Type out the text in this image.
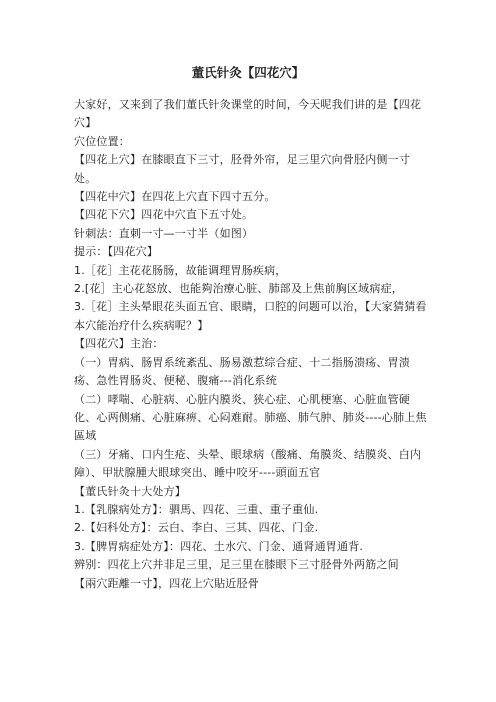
董氏针灸【四花穴】

大家好，又来到了我们董氏针灸课堂的时间，今天呢我们讲的是【四花穴】

穴位位置：

【四花上穴】在膝眼直下三寸，胫骨外帘，足三里穴向骨胫内侧一寸处。

【四花中穴】在四花上穴直下四寸五分。

【四花下穴】四花中穴直下五寸处。

针刺法：直刺一寸—一寸半（如图）

提示：【四花穴】

1.［花］主花花肠肠，故能调理胃肠疾病，

2.[花］主心花怒放、也能夠治療心脏、肺部及上焦前胸区域病症，

3.［花］主头晕眼花头面五官、眼睛，口腔的问题可以治，【大家猜猜看本穴能治疗什么疾病呢？】

【四花穴】主治：

（一）胃病、肠胃系统紊乱、肠易激惹综合症、十二指肠溃疡、胃溃疡、急性胃肠炎、便秘、腹痛---消化系统

（二）哮喘、心脏病、心脏内膜炎、狭心症、心肌梗塞、心脏血管硬化、心两侧痛、心脏麻痹、心闷难耐。肺癌、肺气肿、肺炎----心肺上焦區域

（三）牙痛、口内生疮、头晕、眼球病（酸痛、角膜炎、结膜炎、白内障）、甲狀腺腫大眼球突出、睡中咬牙----頭面五官

【董氏针灸十大处方】

1.【乳腺病处方】：驷馬、四花、三重、重子重仙.

2.【妇科处方】：云白、李白、三其、四花、门金.

3.【脾胃病症处方】：四花、土水穴、门金、通肾通胃通背.

辨别：四花上穴并非足三里，足三里在膝眼下三寸胫骨外两筋之间

【兩穴距離一寸】，四花上穴貼近胫骨
